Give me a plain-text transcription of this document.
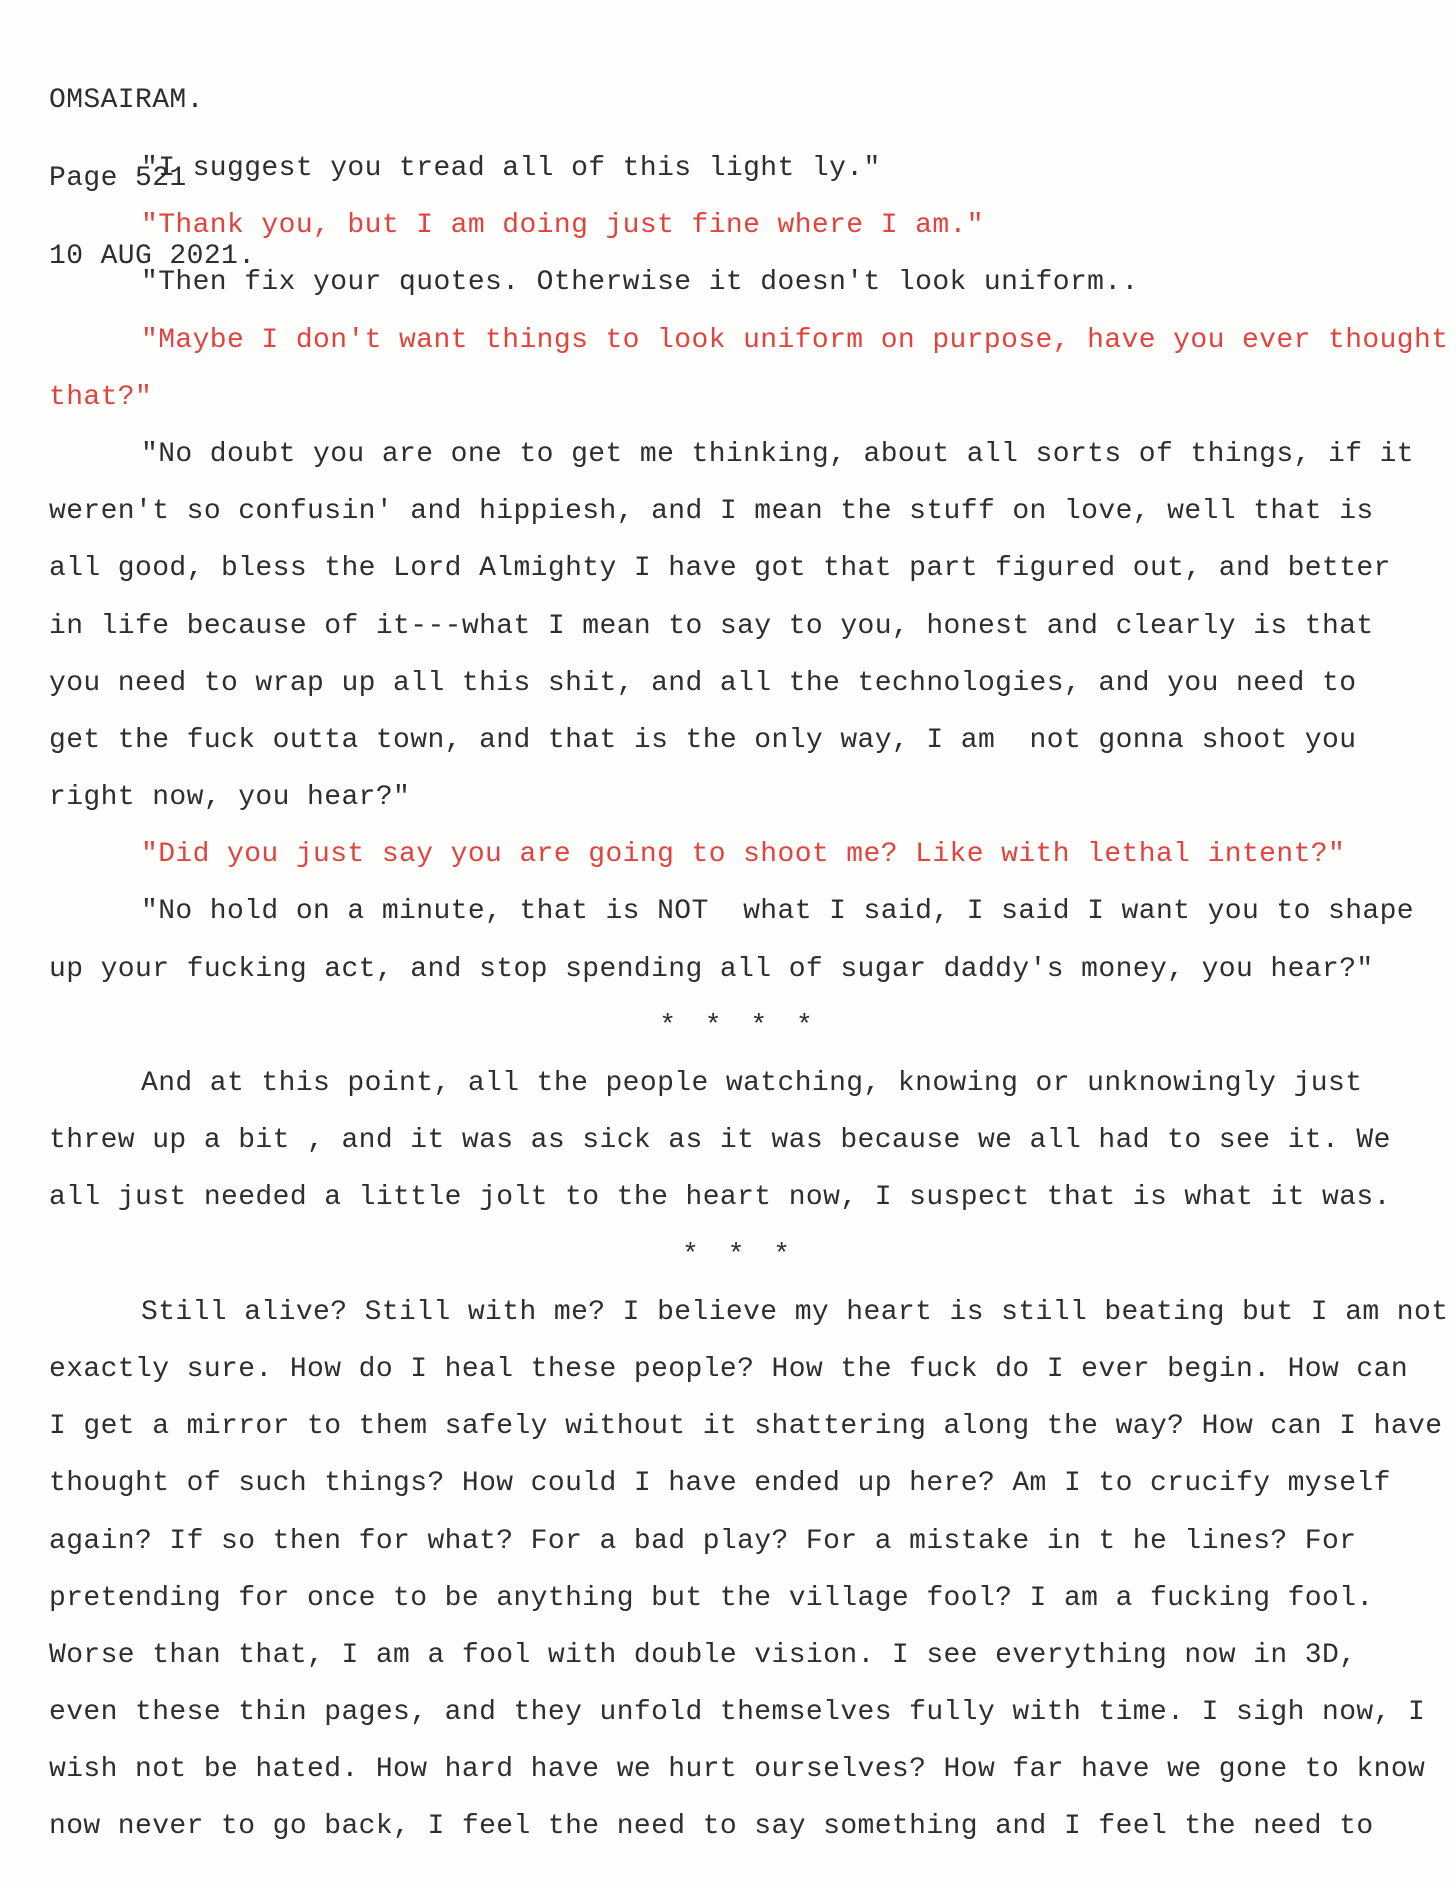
OMSAIRAM.

Page 521

10 AUG 2021.

"I suggest you tread all of this light ly."
"Thank you, but I am doing just fine where I am."
"Then fix your quotes. Otherwise it doesn't look uniform..
"Maybe I don't want things to look uniform on purpose, have you ever thought
that?"
"No doubt you are one to get me thinking, about all sorts of things, if it
weren't so confusin' and hippiesh, and I mean the stuff on love, well that is
all good, bless the Lord Almighty I have got that part figured out, and better
in life because of it---what I mean to say to you, honest and clearly is that
you need to wrap up all this shit, and all the technologies, and you need to
get the fuck outta town, and that is the only way, I am  not gonna shoot you
right now, you hear?"
"Did you just say you are going to shoot me? Like with lethal intent?"
"No hold on a minute, that is NOT  what I said, I said I want you to shape
up your fucking act, and stop spending all of sugar daddy's money, you hear?"
* * * *
And at this point, all the people watching, knowing or unknowingly just
threw up a bit , and it was as sick as it was because we all had to see it. We
all just needed a little jolt to the heart now, I suspect that is what it was.
* * *
Still alive? Still with me? I believe my heart is still beating but I am not
exactly sure. How do I heal these people? How the fuck do I ever begin. How can
I get a mirror to them safely without it shattering along the way? How can I have
thought of such things? How could I have ended up here? Am I to crucify myself
again? If so then for what? For a bad play? For a mistake in t he lines? For
pretending for once to be anything but the village fool? I am a fucking fool.
Worse than that, I am a fool with double vision. I see everything now in 3D,
even these thin pages, and they unfold themselves fully with time. I sigh now, I
wish not be hated. How hard have we hurt ourselves? How far have we gone to know
now never to go back, I feel the need to say something and I feel the need to
